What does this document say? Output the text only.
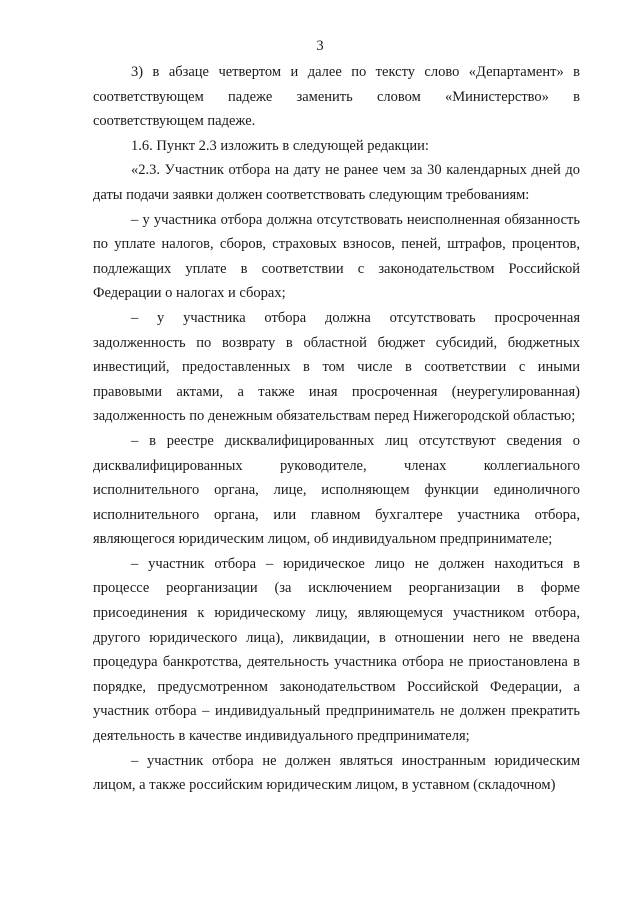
3

3) в абзаце четвертом и далее по тексту слово «Департамент» в соответствующем падеже заменить словом «Министерство» в соответствующем падеже.

1.6. Пункт 2.3 изложить в следующей редакции:

«2.3. Участник отбора на дату не ранее чем за 30 календарных дней до даты подачи заявки должен соответствовать следующим требованиям:

– у участника отбора должна отсутствовать неисполненная обязанность по уплате налогов, сборов, страховых взносов, пеней, штрафов, процентов, подлежащих уплате в соответствии с законодательством Российской Федерации о налогах и сборах;

– у участника отбора должна отсутствовать просроченная задолженность по возврату в областной бюджет субсидий, бюджетных инвестиций, предоставленных в том числе в соответствии с иными правовыми актами, а также иная просроченная (неурегулированная) задолженность по денежным обязательствам перед Нижегородской областью;

– в реестре дисквалифицированных лиц отсутствуют сведения о дисквалифицированных руководителе, членах коллегиального исполнительного органа, лице, исполняющем функции единоличного исполнительного органа, или главном бухгалтере участника отбора, являющегося юридическим лицом, об индивидуальном предпринимателе;

– участник отбора – юридическое лицо не должен находиться в процессе реорганизации (за исключением реорганизации в форме присоединения к юридическому лицу, являющемуся участником отбора, другого юридического лица), ликвидации, в отношении него не введена процедура банкротства, деятельность участника отбора не приостановлена в порядке, предусмотренном законодательством Российской Федерации, а участник отбора – индивидуальный предприниматель не должен прекратить деятельность в качестве индивидуального предпринимателя;

– участник отбора не должен являться иностранным юридическим лицом, а также российским юридическим лицом, в уставном (складочном)
